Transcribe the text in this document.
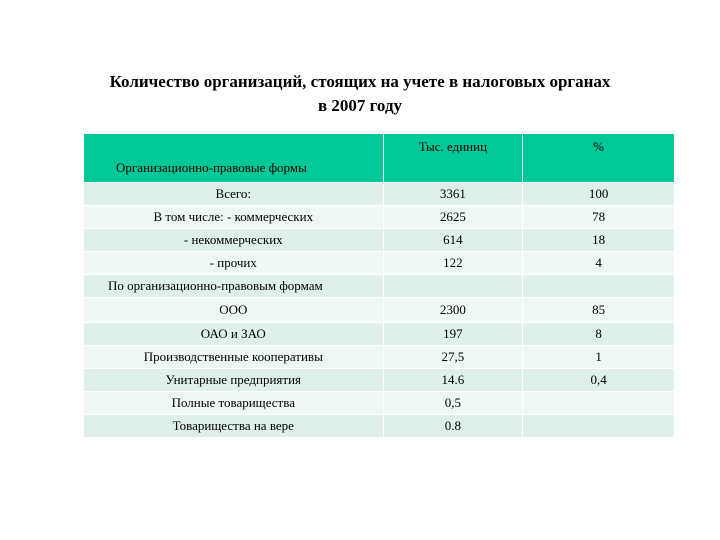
Количество организаций, стоящих на учете в налоговых органах
в 2007 году
Организационно-правовые формы	Тыс. единиц	%
Всего:	3361	100
В том числе: - коммерческих	2625	78
- некоммерческих	614	18
- прочих	122	4
По организационно-правовым формам		
ООО	2300	85
ОАО и ЗАО	197	8
Производственные кооперативы	27,5	1
Унитарные предприятия	14.6	0,4
Полные товарищества	0,5	
Товарищества на вере	0.8	
